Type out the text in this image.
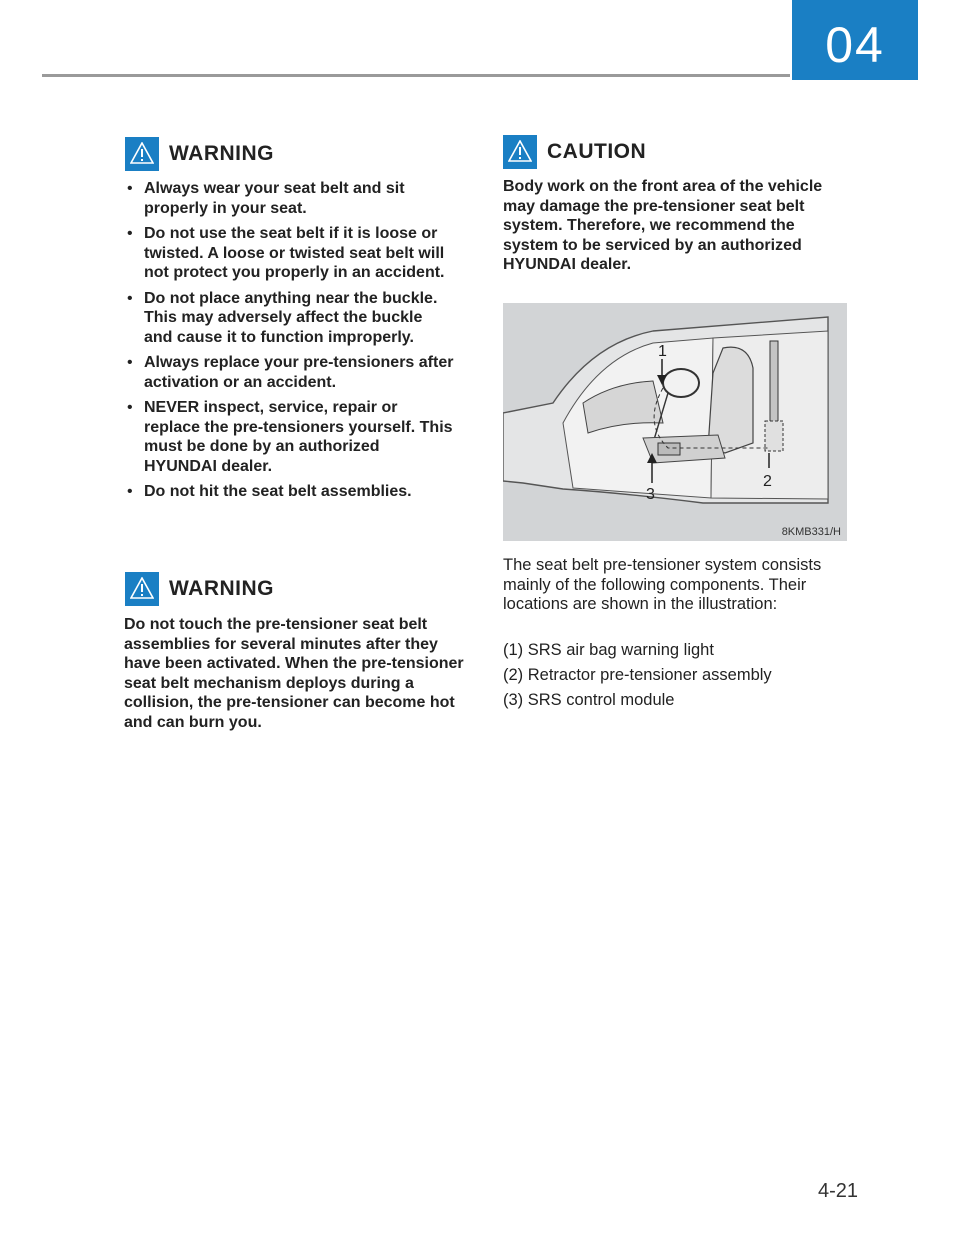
04
WARNING
• Always wear your seat belt and sit properly in your seat.
• Do not use the seat belt if it is loose or twisted. A loose or twisted seat belt will not protect you properly in an accident.
• Do not place anything near the buckle. This may adversely affect the buckle and cause it to function improperly.
• Always replace your pre-tensioners after activation or an accident.
• NEVER inspect, service, repair or replace the pre-tensioners yourself. This must be done by an authorized HYUNDAI dealer.
• Do not hit the seat belt assemblies.
WARNING

Do not touch the pre-tensioner seat belt assemblies for several minutes after they have been activated. When the pre-tensioner seat belt mechanism deploys during a collision, the pre-tensioner can become hot and can burn you.

CAUTION

Body work on the front area of the vehicle may damage the pre-tensioner seat belt system. Therefore, we recommend the system to be serviced by an authorized HYUNDAI dealer.

1
2
3
8KMB331/H

The seat belt pre-tensioner system consists mainly of the following components. Their locations are shown in the illustration:

(1) SRS air bag warning light

(2) Retractor pre-tensioner assembly

(3) SRS control module

4-21
